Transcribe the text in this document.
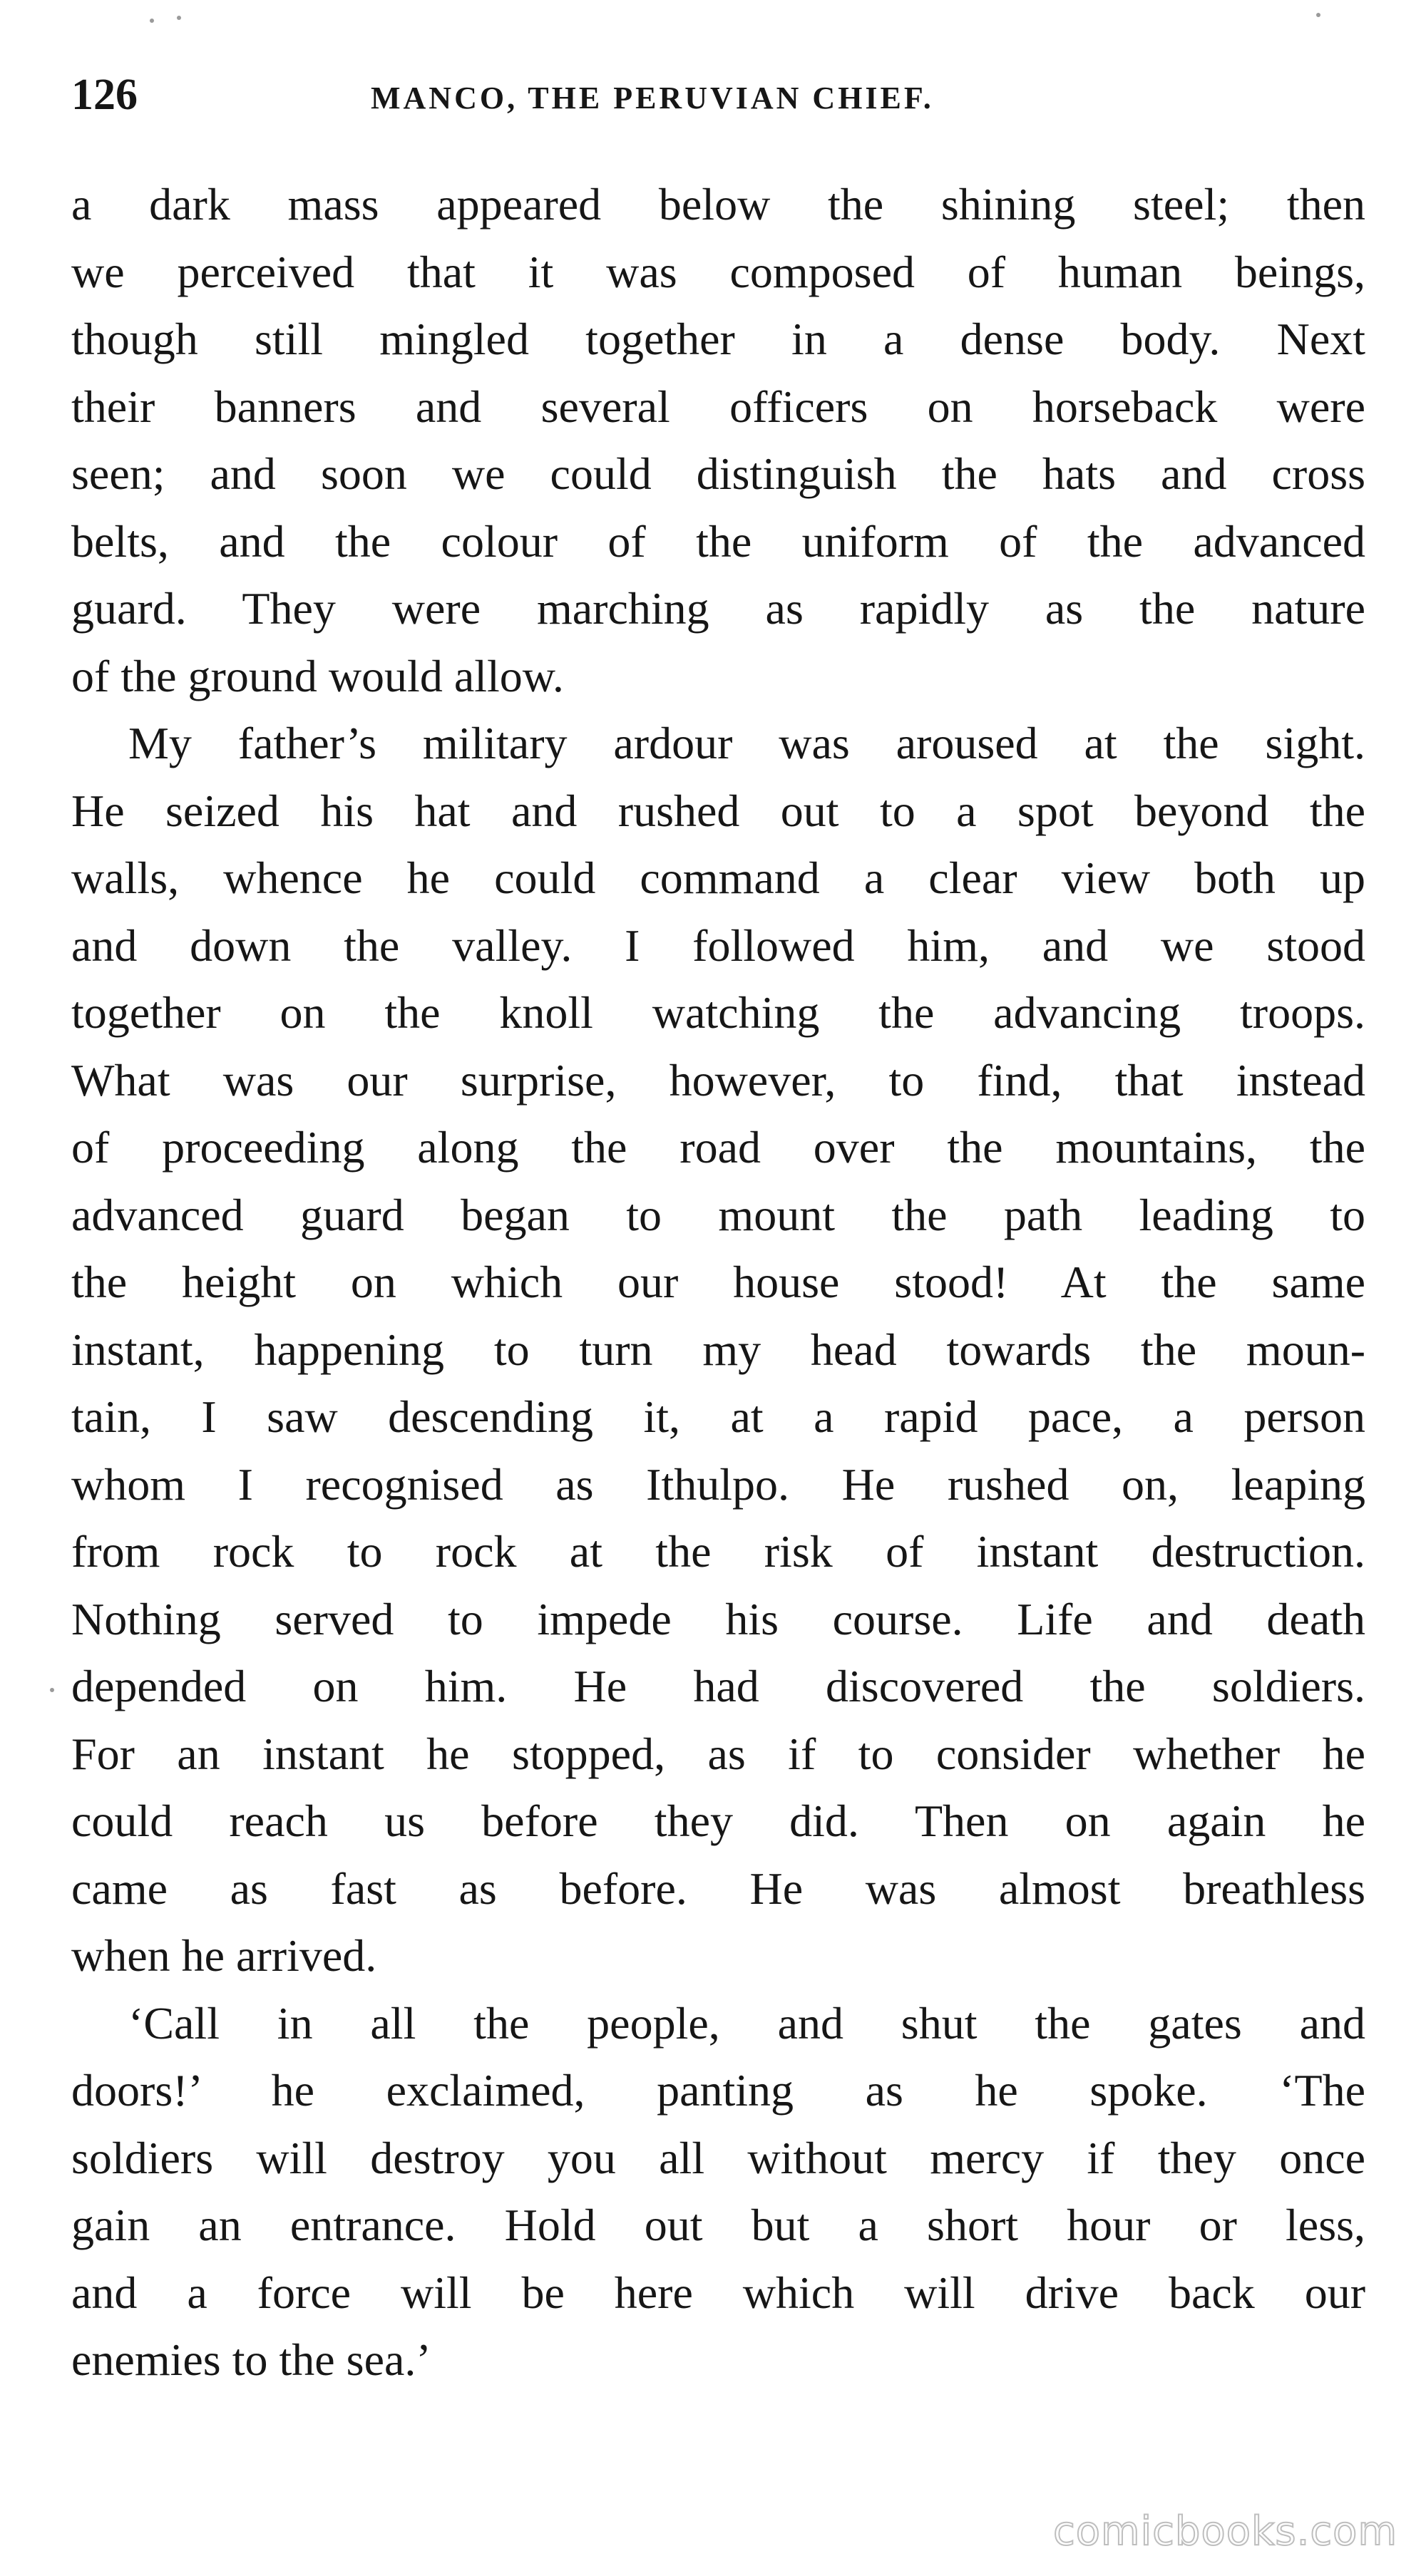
126	MANCO, THE PERUVIAN CHIEF.
a dark mass appeared below the shining steel; then
we perceived that it was composed of human beings,
though still mingled together in a dense body. Next
their banners and several officers on horseback were
seen; and soon we could distinguish the hats and cross
belts, and the colour of the uniform of the advanced
guard. They were marching as rapidly as the nature
of the ground would allow.
My father’s military ardour was aroused at the sight.
He seized his hat and rushed out to a spot beyond the
walls, whence he could command a clear view both up
and down the valley. I followed him, and we stood
together on the knoll watching the advancing troops.
What was our surprise, however, to find, that instead
of proceeding along the road over the mountains, the
advanced guard began to mount the path leading to
the height on which our house stood! At the same
instant, happening to turn my head towards the moun-
tain, I saw descending it, at a rapid pace, a person
whom I recognised as Ithulpo. He rushed on, leaping
from rock to rock at the risk of instant destruction.
Nothing served to impede his course. Life and death
depended on him. He had discovered the soldiers.
For an instant he stopped, as if to consider whether he
could reach us before they did. Then on again he
came as fast as before. He was almost breathless
when he arrived.
‘Call in all the people, and shut the gates and
doors!’ he exclaimed, panting as he spoke. ‘The
soldiers will destroy you all without mercy if they once
gain an entrance. Hold out but a short hour or less,
and a force will be here which will drive back our
enemies to the sea.’
comicbooks.com
